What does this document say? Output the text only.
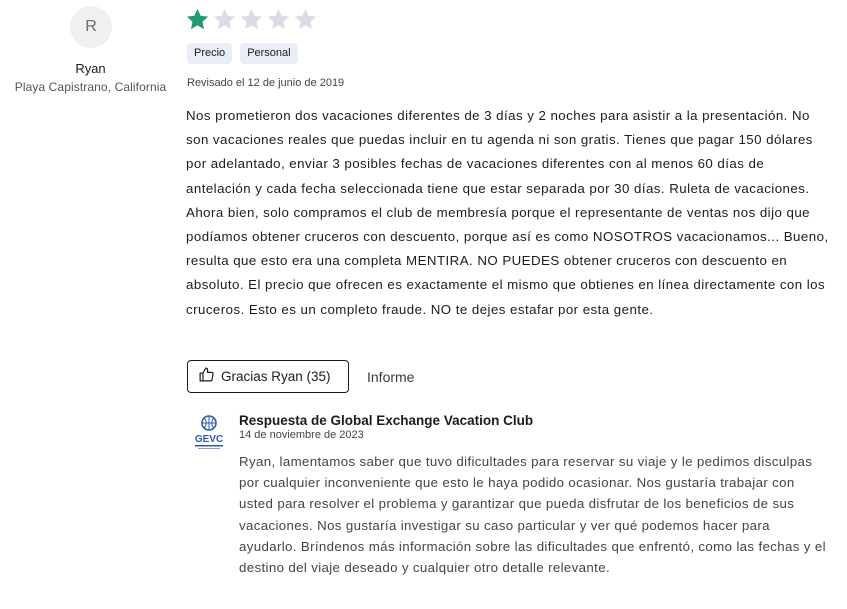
R
Ryan
Playa Capistrano, California
Precio	Personal
Revisado el 12 de junio de 2019

Nos prometieron dos vacaciones diferentes de 3 días y 2 noches para asistir a la presentación. No son vacaciones reales que puedas incluir en tu agenda ni son gratis. Tienes que pagar 150 dólares por adelantado, enviar 3 posibles fechas de vacaciones diferentes con al menos 60 días de antelación y cada fecha seleccionada tiene que estar separada por 30 días. Ruleta de vacaciones. Ahora bien, solo compramos el club de membresía porque el representante de ventas nos dijo que podíamos obtener cruceros con descuento, porque así es como NOSOTROS vacacionamos... Bueno, resulta que esto era una completa MENTIRA. NO PUEDES obtener cruceros con descuento en absoluto. El precio que ofrecen es exactamente el mismo que obtienes en línea directamente con los cruceros. Esto es un completo fraude. NO te dejes estafar por esta gente.

Gracias Ryan (35)	Informe
GEVC
Respuesta de Global Exchange Vacation Club
14 de noviembre de 2023

Ryan, lamentamos saber que tuvo dificultades para reservar su viaje y le pedimos disculpas por cualquier inconveniente que esto le haya podido ocasionar. Nos gustaría trabajar con usted para resolver el problema y garantizar que pueda disfrutar de los beneficios de sus vacaciones. Nos gustaría investigar su caso particular y ver qué podemos hacer para ayudarlo. Bríndenos más información sobre las dificultades que enfrentó, como las fechas y el destino del viaje deseado y cualquier otro detalle relevante.
